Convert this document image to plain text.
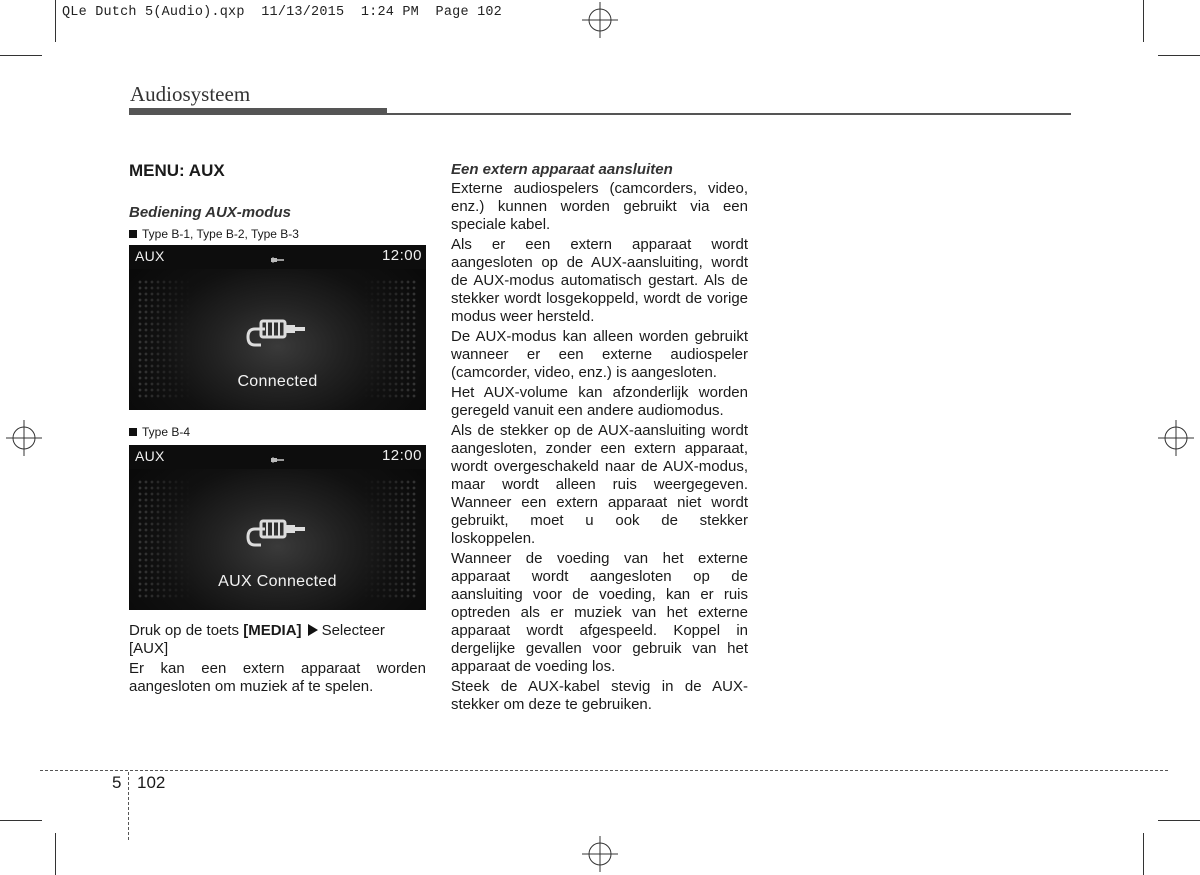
QLe Dutch 5(Audio).qxp  11/13/2015  1:24 PM  Page 102
Audiosysteem

MENU: AUX

Bediening AUX-modus

Type B-1, Type B-2, Type B-3

AUX	12:00
Connected

Type B-4

AUX	12:00
AUX Connected

Druk op de toets [MEDIA] Selecteer
[AUX]

Er kan een extern apparaat worden aangesloten om muziek af te spelen.

Een extern apparaat aansluiten

Externe audiospelers (camcorders, video, enz.) kunnen worden gebruikt via een speciale kabel.

Als er een extern apparaat wordt aangesloten op de AUX-aansluiting, wordt de AUX-modus automatisch gestart. Als de stekker wordt losgekoppeld, wordt de vorige modus weer hersteld.

De AUX-modus kan alleen worden gebruikt wanneer er een externe audiospeler (camcorder, video, enz.) is aangesloten.

Het AUX-volume kan afzonderlijk worden geregeld vanuit een andere audiomodus.

Als de stekker op de AUX-aansluiting wordt aangesloten, zonder een extern apparaat, wordt overgeschakeld naar de AUX-modus, maar wordt alleen ruis weergegeven. Wanneer een extern apparaat niet wordt gebruikt, moet u ook de stekker loskoppelen.

Wanneer de voeding van het externe apparaat wordt aangesloten op de aansluiting voor de voeding, kan er ruis optreden als er muziek van het externe apparaat wordt afgespeeld. Koppel in dergelijke gevallen voor gebruik van het apparaat de voeding los.

Steek de AUX-kabel stevig in de AUX-stekker om deze te gebruiken.

5 102
